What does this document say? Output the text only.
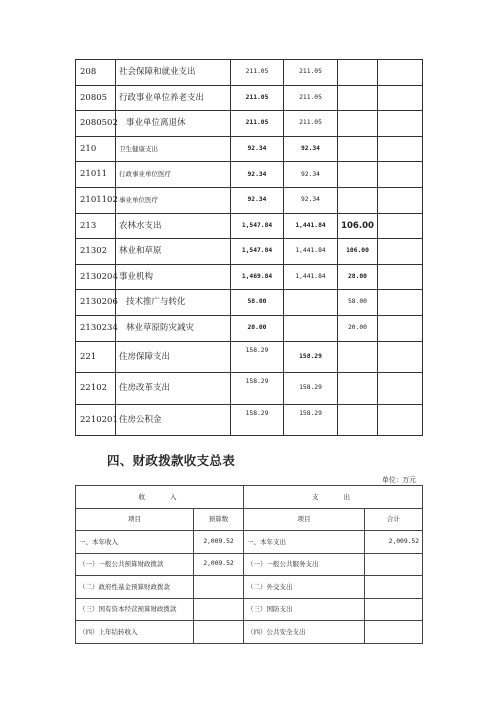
208	社会保障和就业支出	211.05	211.05		
20805	行政事业单位养老支出	211.05	211.05		
2080502	事业单位离退休	211.05	211.05		
210	卫生健康支出	92.34	92.34		
21011	行政事业单位医疗	92.34	92.34		
2101102	事业单位医疗	92.34	92.34		
213	农林水支出	1,547.84	1,441.84	106.00	
21302	林业和草原	1,547.84	1,441.84	106.00	
2130204	事业机构	1,469.84	1,441.84	28.00	
2130206	技术推广与转化	58.00		58.00	
2130234	林业草原防灾减灾	20.00		20.00	
221	住房保障支出	158.29	158.29		
22102	住房改革支出	158.29	158.29		
2210201	住房公积金	158.29	158.29		
四、财政拨款收支总表
单位：万元
收　　入		支　　出	
项目	预算数	项目	合计
一、本年收入	2,009.52	一、本年支出	2,009.52
（一）一般公共预算财政拨款	2,009.52	（一）一般公共服务支出	
（二）政府性基金预算财政拨款		（二）外交支出	
（三）国有资本经营预算财政拨款		（三）国防支出	
（四）上年结转收入		（四）公共安全支出	
